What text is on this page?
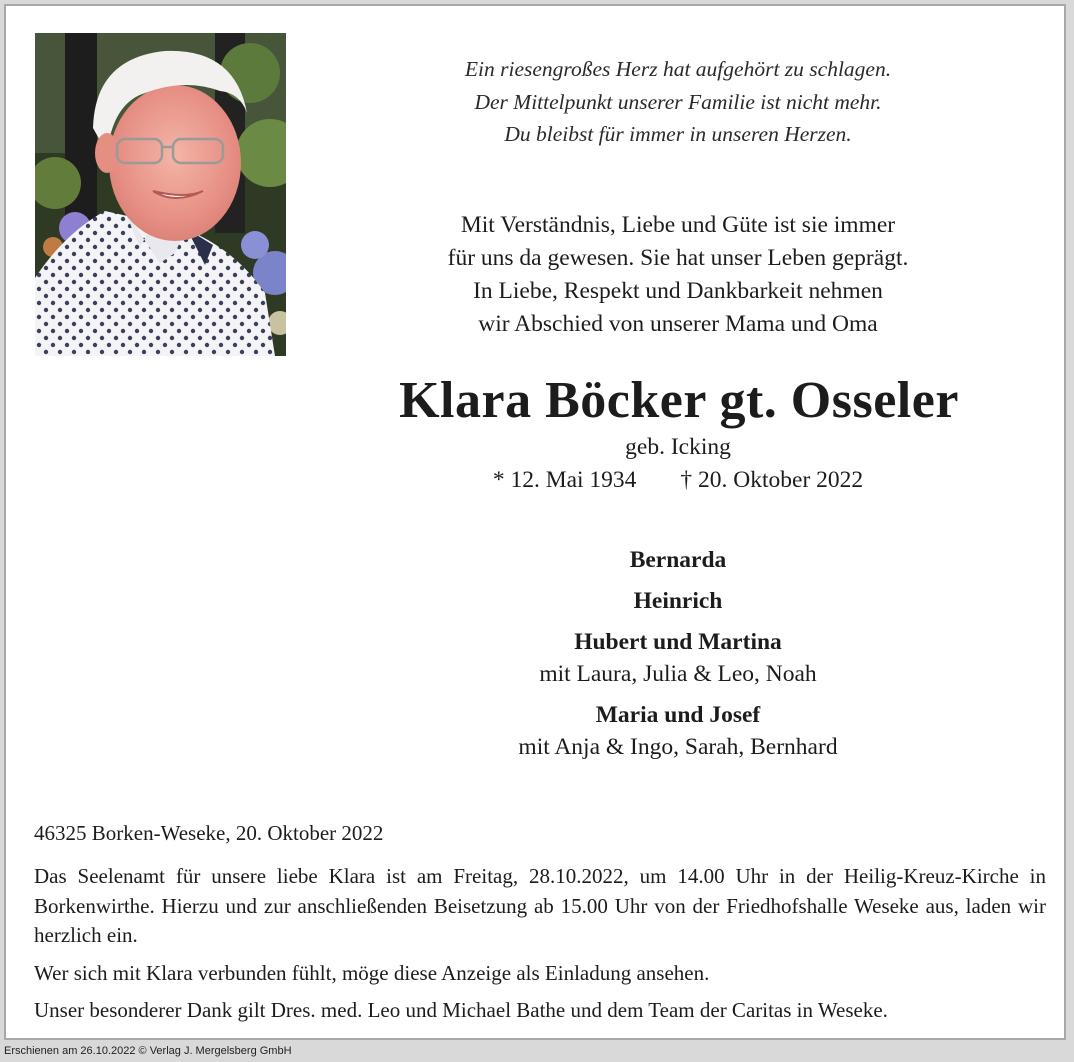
Ein riesengroßes Herz hat aufgehört zu schlagen.
Der Mittelpunkt unserer Familie ist nicht mehr.
Du bleibst für immer in unseren Herzen.
Mit Verständnis, Liebe und Güte ist sie immer
für uns da gewesen. Sie hat unser Leben geprägt.
In Liebe, Respekt und Dankbarkeit nehmen
wir Abschied von unserer Mama und Oma
Klara Böcker gt. Osseler
geb. Icking
* 12. Mai 1934 † 20. Oktober 2022
Bernarda
Heinrich
Hubert und Martina
mit Laura, Julia & Leo, Noah
Maria und Josef
mit Anja & Ingo, Sarah, Bernhard
46325 Borken-Weseke, 20. Oktober 2022

Das Seelenamt für unsere liebe Klara ist am Freitag, 28.10.2022, um 14.00 Uhr in der Heilig-Kreuz-Kirche in Borkenwirthe. Hierzu und zur anschließenden Beisetzung ab 15.00 Uhr von der Friedhofshalle Weseke aus, laden wir herzlich ein.

Wer sich mit Klara verbunden fühlt, möge diese Anzeige als Einladung ansehen.

Unser besonderer Dank gilt Dres. med. Leo und Michael Bathe und dem Team der Caritas in Weseke.

Erschienen am 26.10.2022 © Verlag J. Mergelsberg GmbH
